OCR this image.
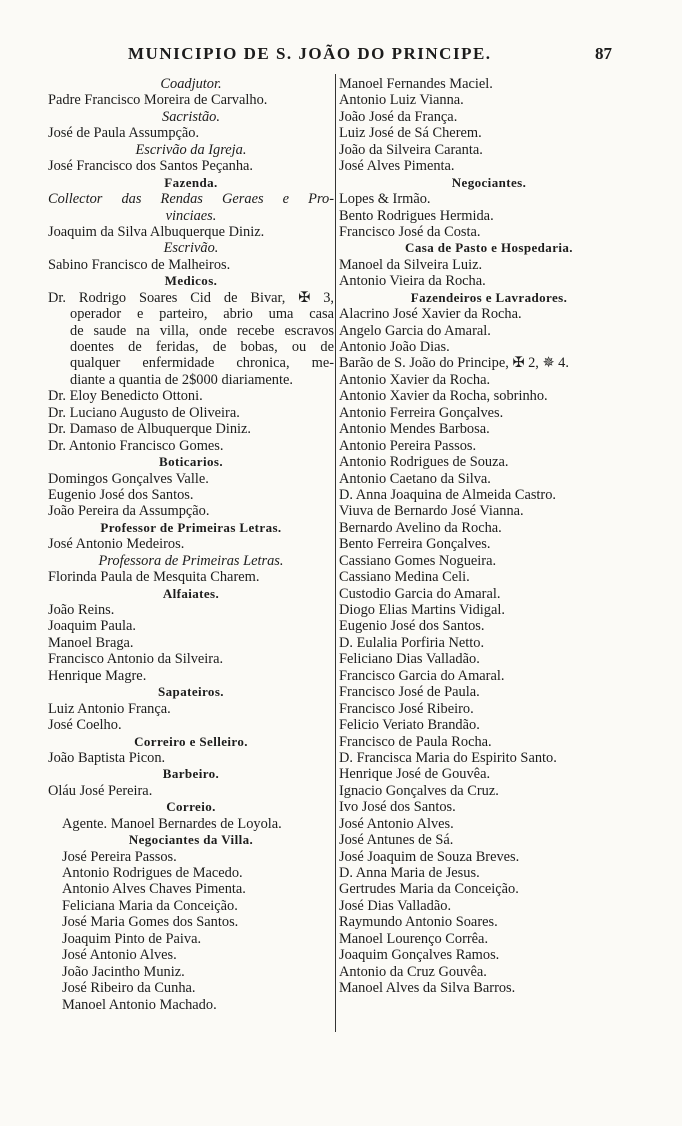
MUNICIPIO DE S. JOÃO DO PRINCIPE.	87
Coadjutor.
Padre Francisco Moreira de Carvalho.
Sacristão.
José de Paula Assumpção.
Escrivão da Igreja.
José Francisco dos Santos Peçanha.
Fazenda.
Collector das Rendas Geraes e Pro-
vinciaes.
Joaquim da Silva Albuquerque Diniz.
Escrivão.
Sabino Francisco de Malheiros.
Medicos.
Dr. Rodrigo Soares Cid de Bivar, ✠ 3,
operador e parteiro, abrio uma casa
de saude na villa, onde recebe escravos
doentes de feridas, de bobas, ou de
qualquer enfermidade chronica, me-
diante a quantia de 2$000 diariamente.
Dr. Eloy Benedicto Ottoni.
Dr. Luciano Augusto de Oliveira.
Dr. Damaso de Albuquerque Diniz.
Dr. Antonio Francisco Gomes.
Boticarios.
Domingos Gonçalves Valle.
Eugenio José dos Santos.
João Pereira da Assumpção.
Professor de Primeiras Letras.
José Antonio Medeiros.
Professora de Primeiras Letras.
Florinda Paula de Mesquita Charem.
Alfaiates.
João Reins.
Joaquim Paula.
Manoel Braga.
Francisco Antonio da Silveira.
Henrique Magre.
Sapateiros.
Luiz Antonio França.
José Coelho.
Correiro e Selleiro.
João Baptista Picon.
Barbeiro.
Oláu José Pereira.
Correio.
Agente. Manoel Bernardes de Loyola.
Negociantes da Villa.
José Pereira Passos.
Antonio Rodrigues de Macedo.
Antonio Alves Chaves Pimenta.
Feliciana Maria da Conceição.
José Maria Gomes dos Santos.
Joaquim Pinto de Paiva.
José Antonio Alves.
João Jacintho Muniz.
José Ribeiro da Cunha.
Manoel Antonio Machado.
Manoel Fernandes Maciel.
Antonio Luiz Vianna.
João José da França.
Luiz José de Sá Cherem.
João da Silveira Caranta.
José Alves Pimenta.
Negociantes.
Lopes & Irmão.
Bento Rodrigues Hermida.
Francisco José da Costa.
Casa de Pasto e Hospedaria.
Manoel da Silveira Luiz.
Antonio Vieira da Rocha.
Fazendeiros e Lavradores.
Alacrino José Xavier da Rocha.
Angelo Garcia do Amaral.
Antonio João Dias.
Barão de S. João do Principe, ✠ 2, ✵ 4.
Antonio Xavier da Rocha.
Antonio Xavier da Rocha, sobrinho.
Antonio Ferreira Gonçalves.
Antonio Mendes Barbosa.
Antonio Pereira Passos.
Antonio Rodrigues de Souza.
Antonio Caetano da Silva.
D. Anna Joaquina de Almeida Castro.
Viuva de Bernardo José Vianna.
Bernardo Avelino da Rocha.
Bento Ferreira Gonçalves.
Cassiano Gomes Nogueira.
Cassiano Medina Celi.
Custodio Garcia do Amaral.
Diogo Elias Martins Vidigal.
Eugenio José dos Santos.
D. Eulalia Porfiria Netto.
Feliciano Dias Valladão.
Francisco Garcia do Amaral.
Francisco José de Paula.
Francisco José Ribeiro.
Felicio Veriato Brandão.
Francisco de Paula Rocha.
D. Francisca Maria do Espirito Santo.
Henrique José de Gouvêa.
Ignacio Gonçalves da Cruz.
Ivo José dos Santos.
José Antonio Alves.
José Antunes de Sá.
José Joaquim de Souza Breves.
D. Anna Maria de Jesus.
Gertrudes Maria da Conceição.
José Dias Valladão.
Raymundo Antonio Soares.
Manoel Lourenço Corrêa.
Joaquim Gonçalves Ramos.
Antonio da Cruz Gouvêa.
Manoel Alves da Silva Barros.
